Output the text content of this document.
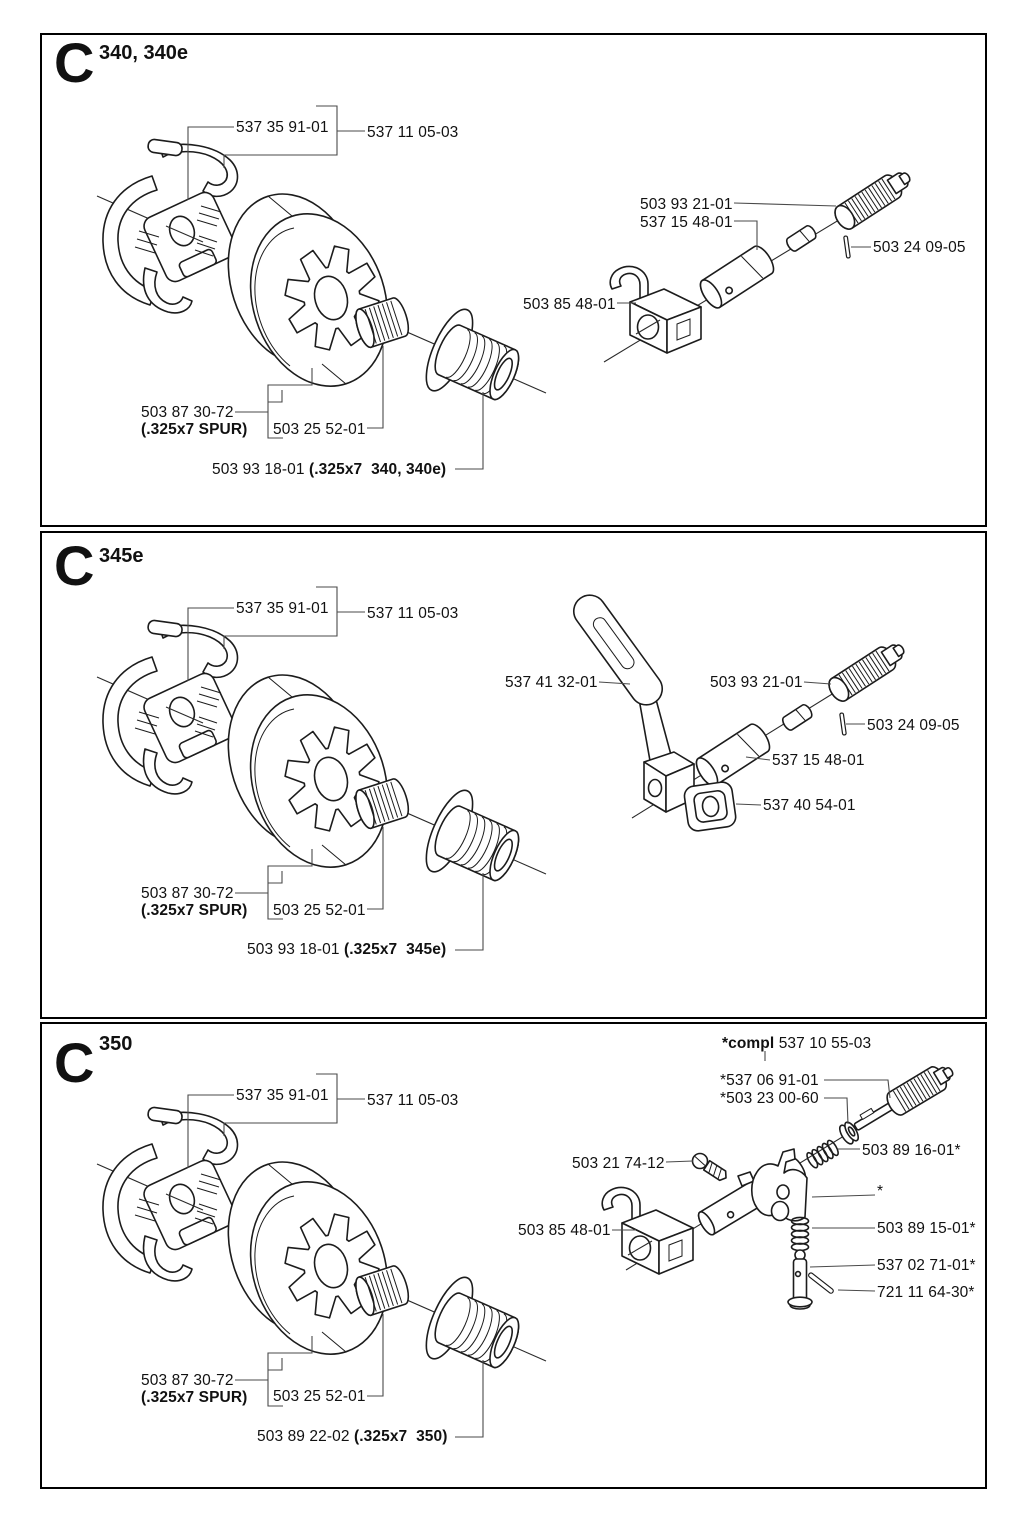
C 340, 340e
537 35 91-01 537 11 05-03
503 93 21-01
537 15 48-01
503 24 09-05
503 85 48-01
503 87 30-72
(.325x7 SPUR) 503 25 52-01
503 93 18-01 (.325x7  340, 340e)
C 345e
537 35 91-01 537 11 05-03
537 41 32-01	503 93 21-01
503 24 09-05
537 15 48-01
537 40 54-01
503 87 30-72
(.325x7 SPUR) 503 25 52-01
503 93 18-01 (.325x7  345e)
C 350	*compl 537 10 55-03
537 35 91-01 537 11 05-03
*537 06 91-01
*503 23 00-60
503 89 16-01*
503 21 74-12
*
503 85 48-01	503 89 15-01*
537 02 71-01*
721 11 64-30*
503 87 30-72
(.325x7 SPUR) 503 25 52-01
503 89 22-02 (.325x7  350)
